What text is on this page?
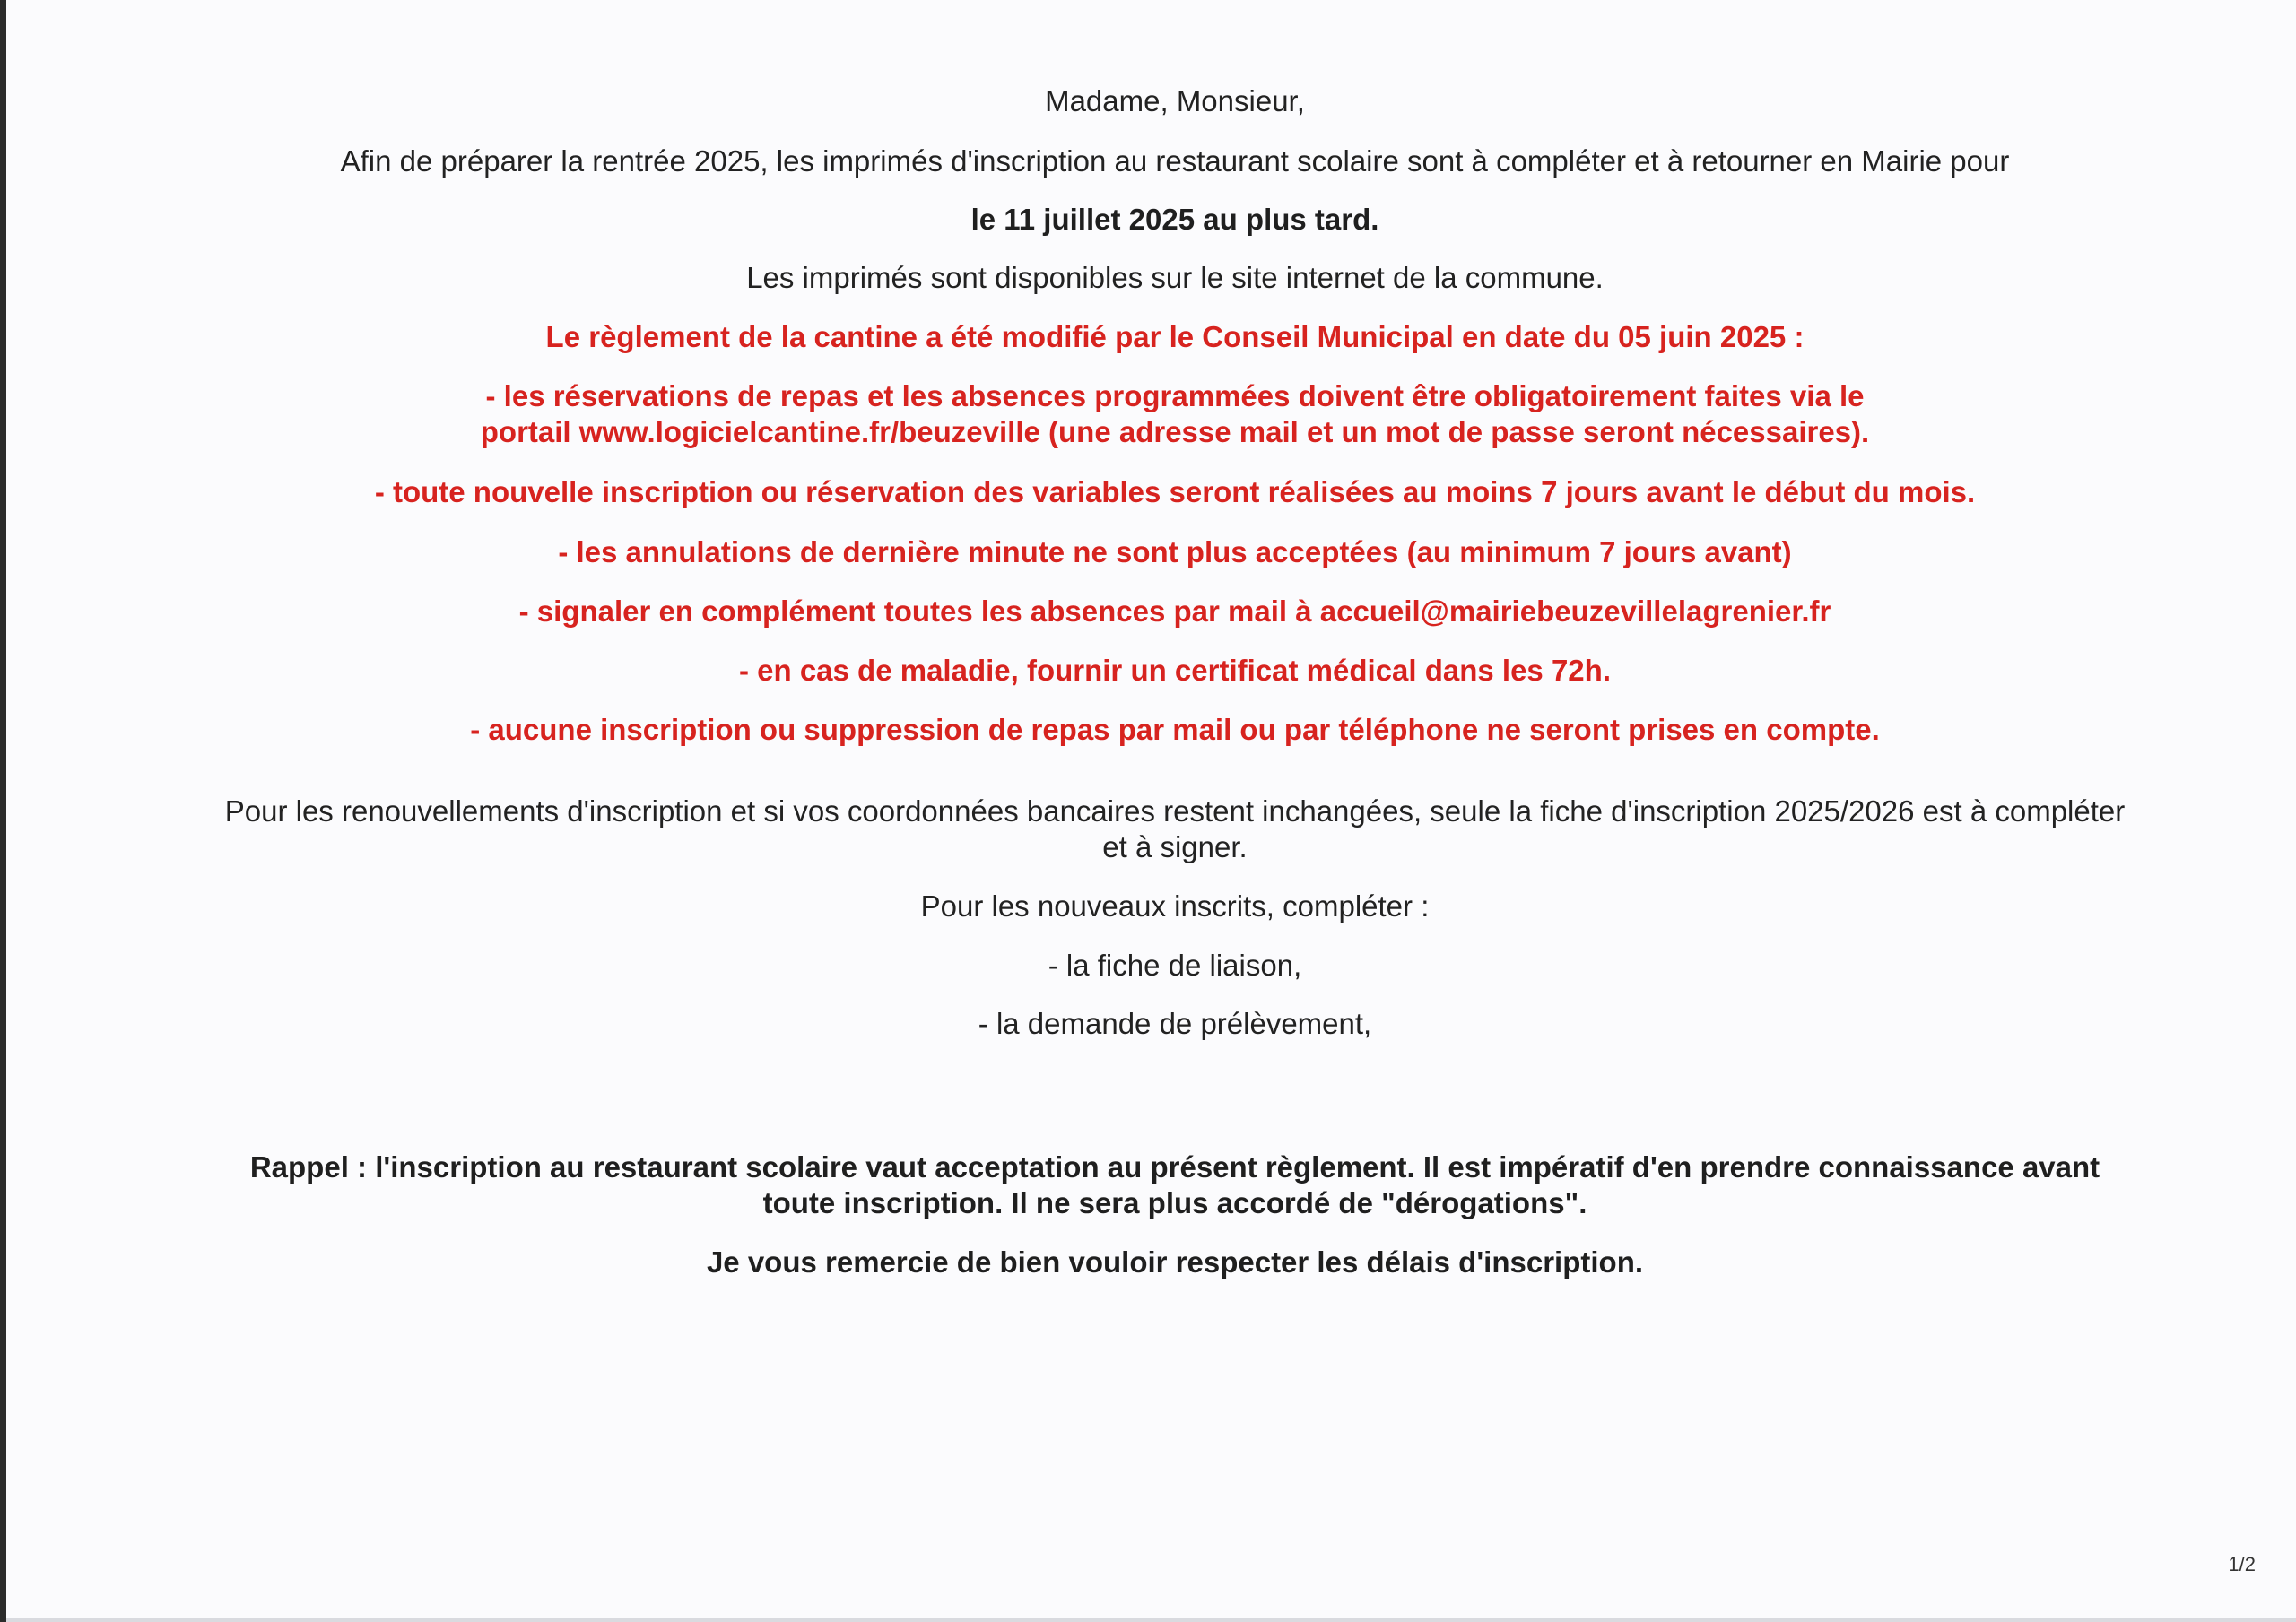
Madame, Monsieur,
Afin de préparer la rentrée 2025, les imprimés d'inscription au restaurant scolaire sont à compléter et à retourner en Mairie pour
le 11 juillet 2025 au plus tard.
Les imprimés sont disponibles sur le site internet de la commune.
Le règlement de la cantine a été modifié par le Conseil Municipal en date du 05 juin 2025 :
- les réservations de repas et les absences programmées doivent être obligatoirement faites via le
portail www.logicielcantine.fr/beuzeville (une adresse mail et un mot de passe seront nécessaires).
- toute nouvelle inscription ou réservation des variables seront réalisées au moins 7 jours avant le début du mois.
- les annulations de dernière minute ne sont plus acceptées (au minimum 7 jours avant)
- signaler en complément toutes les absences par mail à accueil@mairiebeuzevillelagrenier.fr
- en cas de maladie, fournir un certificat médical dans les 72h.
- aucune inscription ou suppression de repas par mail ou par téléphone ne seront prises en compte.
Pour les renouvellements d'inscription et si vos coordonnées bancaires restent inchangées, seule la fiche d'inscription 2025/2026 est à compléter
et à signer.
Pour les nouveaux inscrits, compléter :
- la fiche de liaison,
- la demande de prélèvement,
Rappel : l'inscription au restaurant scolaire vaut acceptation au présent règlement. Il est impératif d'en prendre connaissance avant
toute inscription. Il ne sera plus accordé de "dérogations".
Je vous remercie de bien vouloir respecter les délais d'inscription.
1/2
